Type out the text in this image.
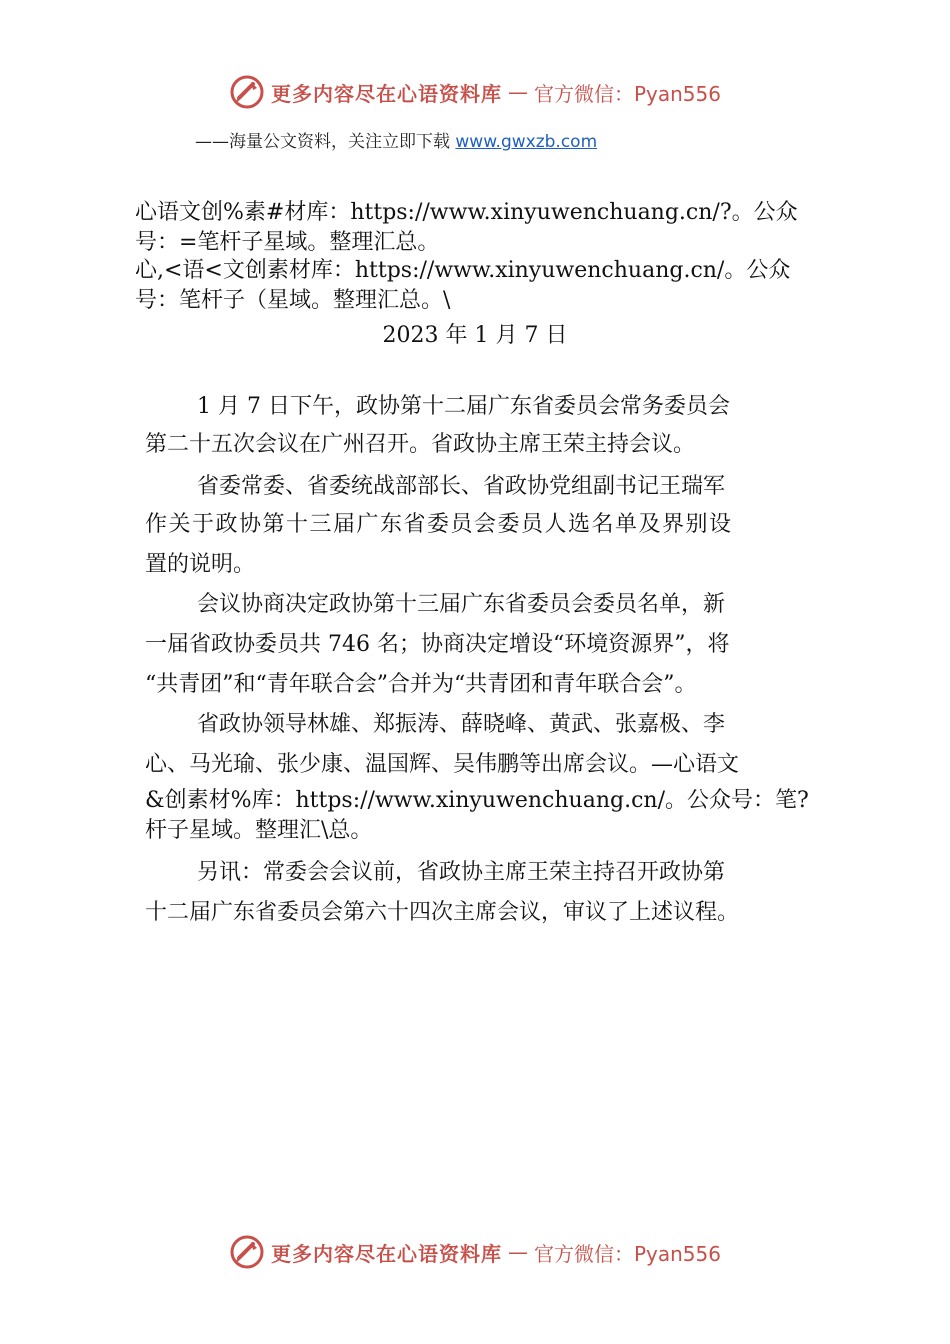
更多内容尽在心语资料库 — 官方微信：Pyan556
——海量公文资料，关注立即下载 www.gwxzb.com
心语文创%素#材库：https://www.xinyuwenchuang.cn/?。公众
号：=笔杆子星域。整理汇总。
心,<语<文创素材库：https://www.xinyuwenchuang.cn/。公众
号：笔杆子（星域。整理汇总。\
2023 年 1 月 7 日
1 月 7 日下午，政协第十二届广东省委员会常务委员会
第二十五次会议在广州召开。省政协主席王荣主持会议。
省委常委、省委统战部部长、省政协党组副书记王瑞军
作关于政协第十三届广东省委员会委员人选名单及界别设
置的说明。
会议协商决定政协第十三届广东省委员会委员名单，新
一届省政协委员共 746 名；协商决定增设“环境资源界”，将
“共青团”和“青年联合会”合并为“共青团和青年联合会”。
省政协领导林雄、郑振涛、薛晓峰、黄武、张嘉极、李
心、马光瑜、张少康、温国辉、吴伟鹏等出席会议。—心语文
&创素材%库：https://www.xinyuwenchuang.cn/。公众号：笔?
杆子星域。整理汇\总。
另讯：常委会会议前，省政协主席王荣主持召开政协第
十二届广东省委员会第六十四次主席会议，审议了上述议程。
更多内容尽在心语资料库 — 官方微信：Pyan556
